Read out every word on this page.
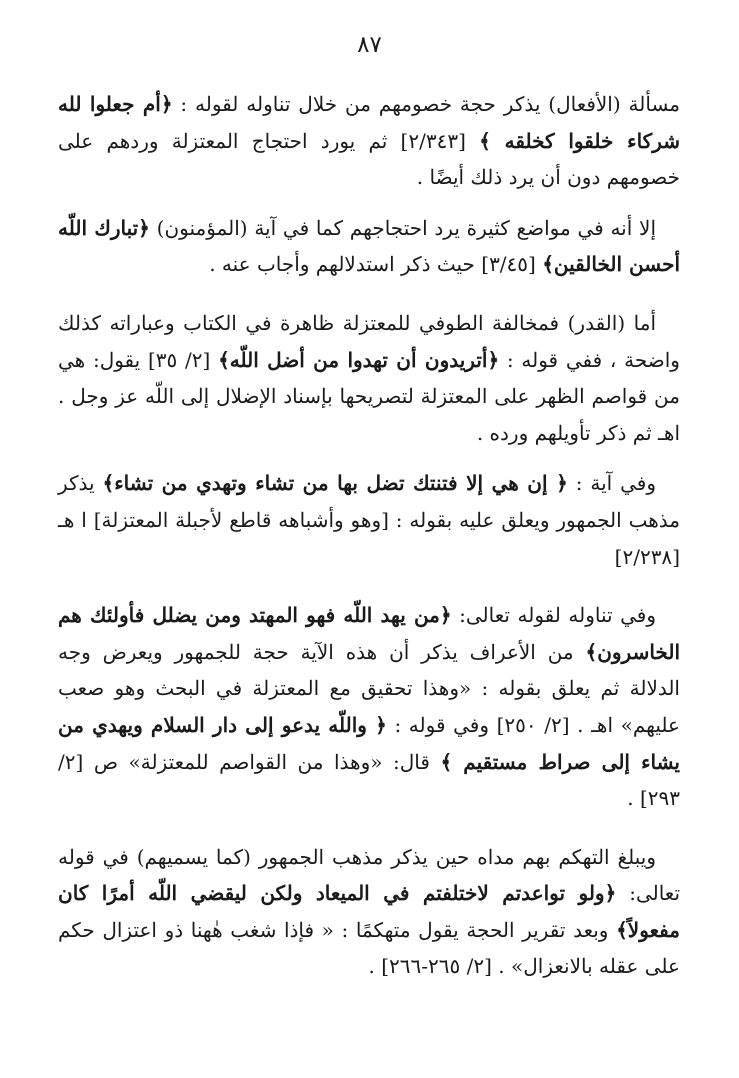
٨٧

مسألة (الأفعال) يذكر حجة خصومهم من خلال تناوله لقوله : ﴿أم جعلوا لله شركاء خلقوا كخلقه ﴾ [٢/٣٤٣] ثم يورد احتجاج المعتزلة وردهم على خصومهم دون أن يرد ذلك أيضًا .

إلا أنه في مواضع كثيرة يرد احتجاجهم كما في آية (المؤمنون) ﴿تبارك اللّه أحسن الخالقين﴾ [٣/٤٥] حيث ذكر استدلالهم وأجاب عنه .

أما (القدر) فمخالفة الطوفي للمعتزلة ظاهرة في الكتاب وعباراته كذلك واضحة ، ففي قوله : ﴿أتريدون أن تهدوا من أضل اللّه﴾ [٢/ ٣٥] يقول: هي من قواصم الظهر على المعتزلة لتصريحها بإسناد الإضلال إلى اللّه عز وجل . اهـ ثم ذكر تأويلهم ورده .

وفي آية : ﴿ إن هي إلا فتنتك تضل بها من تشاء وتهدي من تشاء﴾ يذكر مذهب الجمهور ويعلق عليه بقوله : [وهو وأشباهه قاطع لأجبلة المعتزلة] ا هـ [٢/٢٣٨]

وفي تناوله لقوله تعالى: ﴿من يهد اللّه فهو المهتد ومن يضلل فأولئك هم الخاسرون﴾ من الأعراف يذكر أن هذه الآية حجة للجمهور ويعرض وجه الدلالة ثم يعلق بقوله : «وهذا تحقيق مع المعتزلة في البحث وهو صعب عليهم» اهـ . [٢/ ٢٥٠] وفي قوله : ﴿ واللّه يدعو إلى دار السلام ويهدي من يشاء إلى صراط مستقيم ﴾ قال: «وهذا من القواصم للمعتزلة» ص [٢/ ٢٩٣] .

ويبلغ التهكم بهم مداه حين يذكر مذهب الجمهور (كما يسميهم) في قوله تعالى: ﴿ولو تواعدتم لاختلفتم في الميعاد ولكن ليقضي اللّه أمرًا كان مفعولاً﴾ وبعد تقرير الحجة يقول متهكمًا : « فإذا شغب هٰهنا ذو اعتزال حكم على عقله بالانعزال» . [٢/ ٢٦٥-٢٦٦] .
